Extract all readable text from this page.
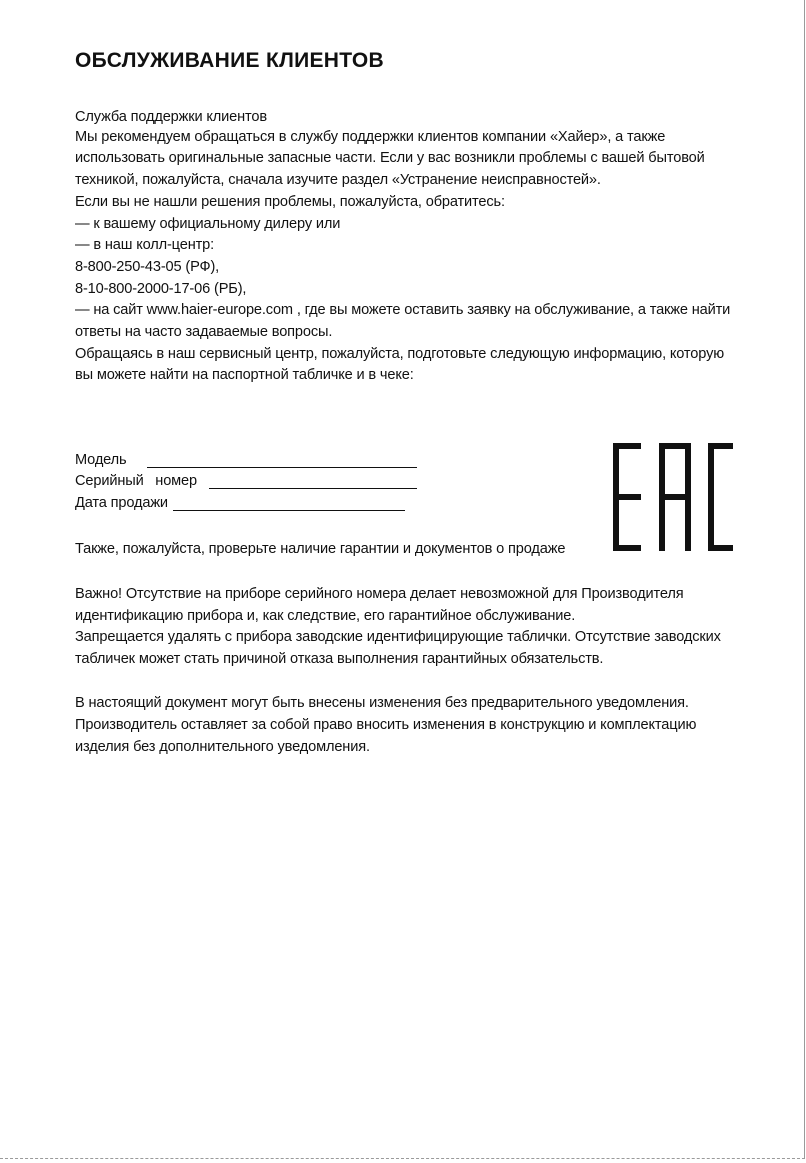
ОБСЛУЖИВАНИЕ КЛИЕНТОВ
Служба поддержки клиентов
Мы рекомендуем обращаться в службу поддержки клиентов компании «Хайер», а также
использовать оригинальные запасные части. Если у вас возникли проблемы с вашей бытовой
техникой, пожалуйста, сначала изучите раздел «Устранение неисправностей».
Если вы не нашли решения проблемы, пожалуйста, обратитесь:
— к вашему официальному дилеру или
— в наш колл-центр:
8-800-250-43-05 (РФ),
8-10-800-2000-17-06 (РБ),
— на сайт www.haier-europe.com , где вы можете оставить заявку на обслуживание, а также найти
ответы на часто задаваемые вопросы.
Обращаясь в наш сервисный центр, пожалуйста, подготовьте следующую информацию, которую
вы можете найти на паспортной табличке и в чеке:
Модель
Серийный   номер
Дата продажи
Также, пожалуйста, проверьте наличие гарантии и документов о продаже
Важно! Отсутствие на приборе серийного номера делает невозможной для Производителя
идентификацию прибора и, как следствие, его гарантийное обслуживание.
Запрещается удалять с прибора заводские идентифицирующие таблички. Отсутствие заводских
табличек может стать причиной отказа выполнения гарантийных обязательств.
В настоящий документ могут быть внесены изменения без предварительного уведомления.
Производитель оставляет за собой право вносить изменения в конструкцию и комплектацию
изделия без дополнительного уведомления.
